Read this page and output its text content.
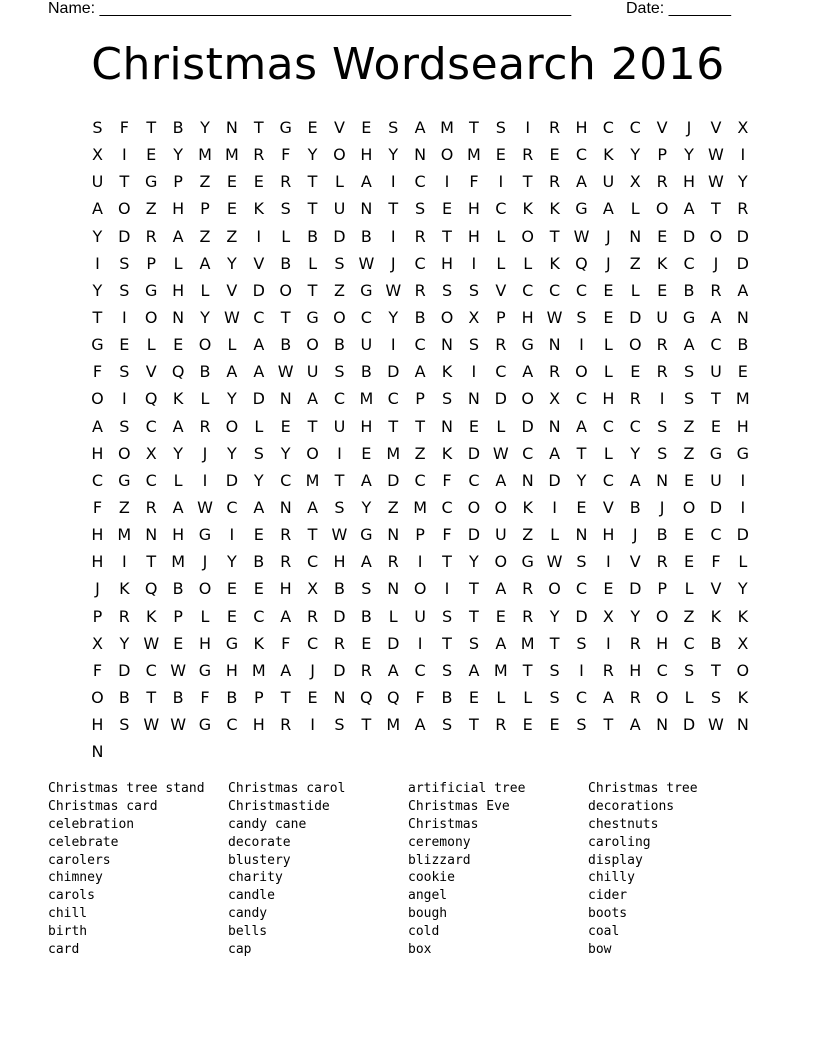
Name: _____________________________________________________	Date: _______
Christmas Wordsearch 2016
S	F	T	B	Y	N	T G E	V	E	S	A M T	S	I	R H C C V	J	V X
X	I	E	Y M M R	F	Y O H Y	N O M E	R	E	C	K	Y	P	Y W	I
U	T G P	Z	E	E	R	T	L	A	I	C	I	F	I	T	R A U X R H W Y
A O Z H	P	E	K	S	T	U N	T	S	E H C	K	K G A	L	O A	T	R
Y D R A Z Z	I	L	B D B	I	R	T H	L	O T W	J	N E D O D
I	S	P	L	A	Y	V B	L	S W	J	C H	I	L	L	K Q	J	Z	K	C	J	D
Y	S G H	L	V D O T	Z G W R	S	S	V C C C	E	L	E	B R A
T	I	O N	Y W C	T G O C	Y	B O X	P	H W S	E D U G A N
G E	L	E O	L	A B O B U	I	C N S	R G N	I	L	O R A C B
F	S	V Q B A A W U S	B D A	K	I	C A R O	L	E	R	S U E
O	I	Q K	L	Y D N A C M C	P	S N D O X C H R	I	S	T M
A	S	C A R O	L	E	T	U H T	T	N E	L	D N A C C	S	Z	E H
H O X	Y	J	Y	S	Y O	I	E M Z	K D W C A	T	L	Y	S	Z G G
C G C	L	I	D Y	C M T	A D C	F	C A N D Y	C A N E U	I
F	Z R A W C A N A	S	Y	Z M C O O K	I	E	V B	J	O D	I
H M N H G	I	E	R	T W G N	P	F	D U Z	L	N H	J	B	E	C D
H	I	T M	J	Y	B R C H A R	I	T	Y O G W S	I	V R	E	F	L
J	K Q B O E	E H X B	S N O	I	T	A R O C	E D P	L	V	Y
P	R	K	P	L	E	C A R D B	L	U S	T	E	R	Y D X	Y O Z	K	K
X	Y W E H G K	F	C R	E D	I	T	S	A M T	S	I	R H C B X
F	D C W G H M A	J	D R A C	S	A M T	S	I	R H C	S	T O
O B	T	B	F	B	P	T	E N Q Q	F	B	E	L	L	S	C A R O	L	S	K
H S W W G C H R	I	S	T M A	S	T	R	E	E	S	T	A N D W N
N
Christmas tree stand
Christmas card
celebration
celebrate
carolers
chimney
carols
chill
birth
card
Christmas carol
Christmastide
candy cane
decorate
blustery
charity
candle
candy
bells
cap
artificial tree
Christmas Eve
Christmas
ceremony
blizzard
cookie
angel
bough
cold
box
Christmas tree
decorations
chestnuts
caroling
display
chilly
cider
boots
coal
bow
